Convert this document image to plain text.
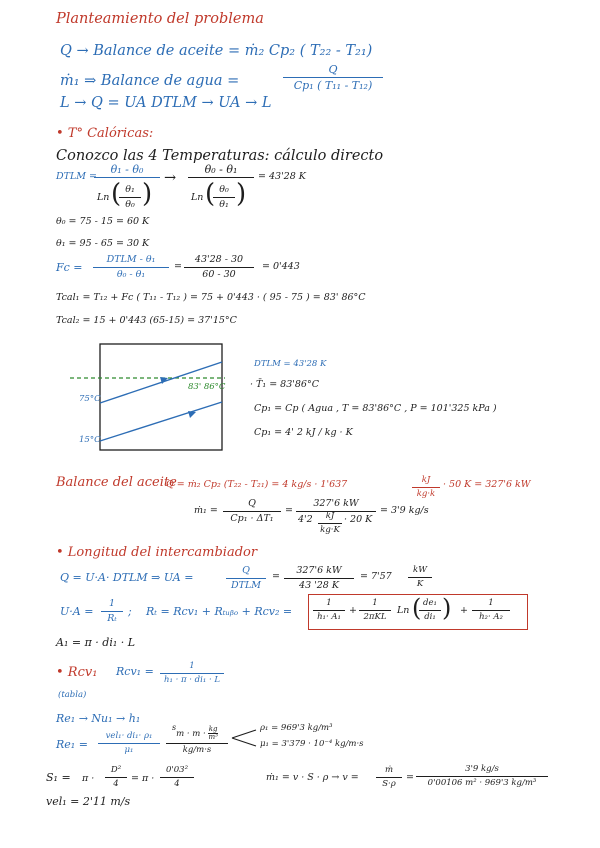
Planteamiento del problema
Q → Balance de aceite = ṁ₂ Cp₂ ( T₂₂ - T₂₁)
ṁ₁ ⇒ Balance de agua =
Q
Cp₁ ( T₁₁ - T₁₂)
L → Q = UA DTLM → UA → L
• T° Calóricas:
Conozco las 4 Temperaturas: cálculo directo
DTLM =
θ₁ - θ₀
Ln ( θ₁
θ₀ )
→
θ₀ - θ₁
Ln ( θ₀
θ₁ )
= 43'28 K
θ₀ = 75 - 15 = 60 K
θ₁ = 95 - 65 = 30 K
Fc =
DTLM - θ₁
θ₀ - θ₁
=
43'28 - 30
60 - 30
= 0'443
Tcal₁ = T₁₂ + Fc ( T₁₁ - T₁₂ ) = 75 + 0'443 · ( 95 - 75 ) = 83' 86°C
Tcal₂ = 15 + 0'443 (65-15) = 37'15°C
75°C
15°C
83' 86°C
DTLM = 43'28 K
· T̄₁ = 83'86°C
Cp₁ = Cp ( Agua , T = 83'86°C , P = 101'325 kPa )
Cp₁ = 4' 2 kJ / kg · K
Balance del aceite
Q = ṁ₂ Cp₂ (T₂₂ - T₂₁) = 4 kg/s · 1'637	kJ
kg·k
· 50 K = 327'6 kW
ṁ₁ =
Q
Cp₁ · ΔT₁
=
327'6 kW
4'2	kJ
kg·K
· 20 K
= 3'9 kg/s
• Longitud del intercambiador
Q = U·A· DTLM ⇒ UA =
Q
DTLM
=
327'6 kW
43 '28 K
= 7'57
kW
K
U·A =
1
Rₜ	; Rₜ = Rcv₁ + Rₜᵤᵦₒ + Rcv₂ =
1
h₁· A₁
+
1
2πKL
Ln ( de₁
di₁ ) +
1
h₂· A₂
A₁ = π · di₁ · L
• Rcv₁ Rcv₁ =	1
h₁ · π · di₁ · L
(tabla)
Re₁ → Nu₁ → h₁
Re₁ =
vel₁· di₁· ρ₁
μ₁
$m \cdot m \cdot \frac{kg}{\text{m³}}$
kg/m·s
s	ρ₁ = 969'3 kg/m³
μ₁ = 3'379 · 10⁻⁴ kg/m·s
S₁ = π ·
D²
4	= π ·
0'03²
4
ṁ₁ = v · S · ρ → v =
ṁ
S·ρ
=
3'9 kg/s
0'00106 m² · 969'3 kg/m³
vel₁ = 2'11 m/s
